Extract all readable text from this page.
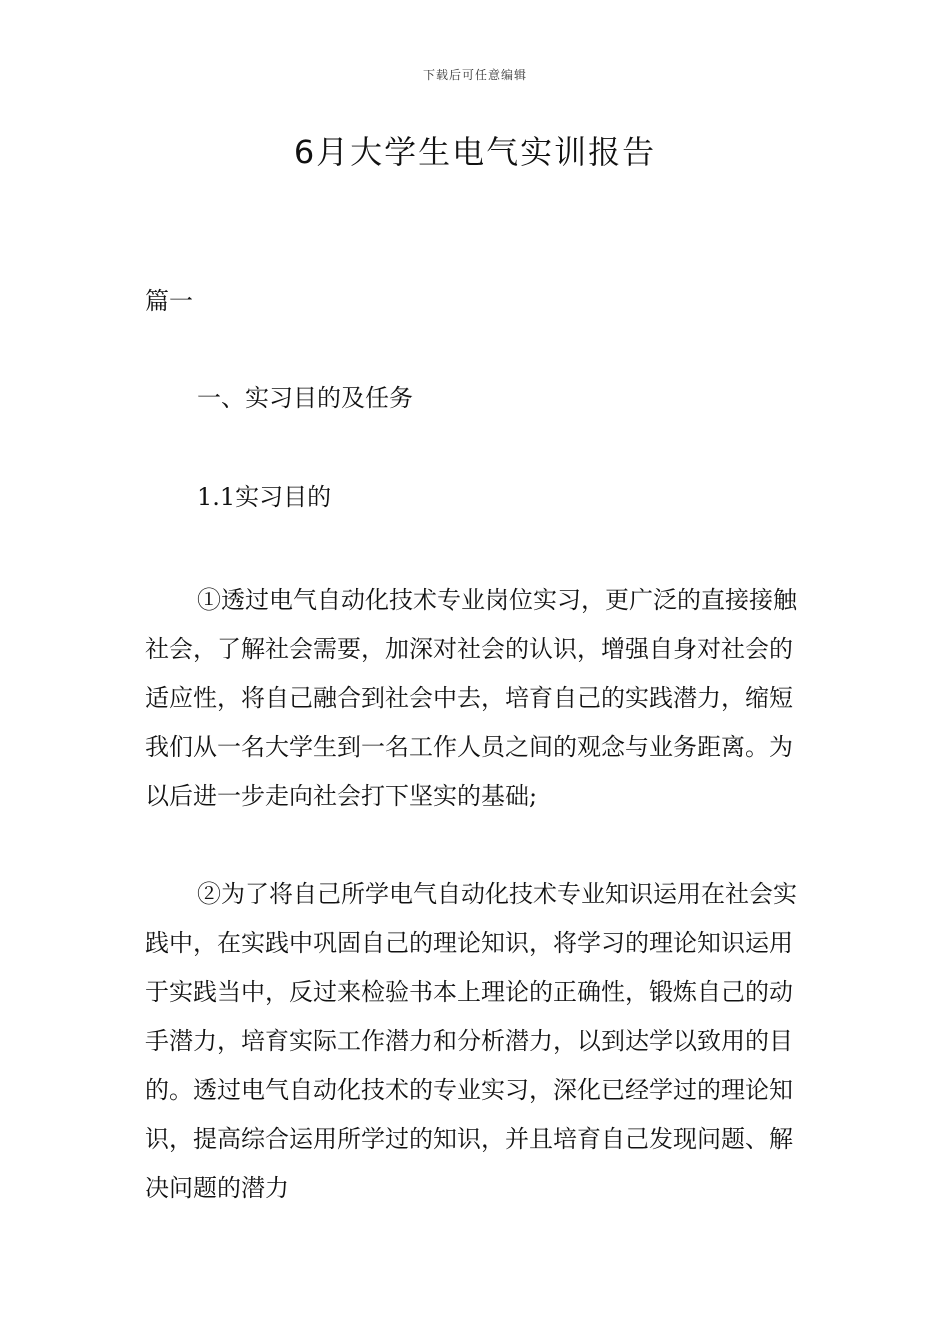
下载后可任意编辑
6月大学生电气实训报告

篇一

一、实习目的及任务

1.1实习目的

①透过电气自动化技术专业岗位实习，更广泛的直接接触社会，了解社会需要，加深对社会的认识，增强自身对社会的适应性，将自己融合到社会中去，培育自己的实践潜力，缩短我们从一名大学生到一名工作人员之间的观念与业务距离。为以后进一步走向社会打下坚实的基础;

②为了将自己所学电气自动化技术专业知识运用在社会实践中，在实践中巩固自己的理论知识，将学习的理论知识运用于实践当中，反过来检验书本上理论的正确性，锻炼自己的动手潜力，培育实际工作潜力和分析潜力，以到达学以致用的目的。透过电气自动化技术的专业实习，深化已经学过的理论知识，提高综合运用所学过的知识，并且培育自己发现问题、解决问题的潜力
